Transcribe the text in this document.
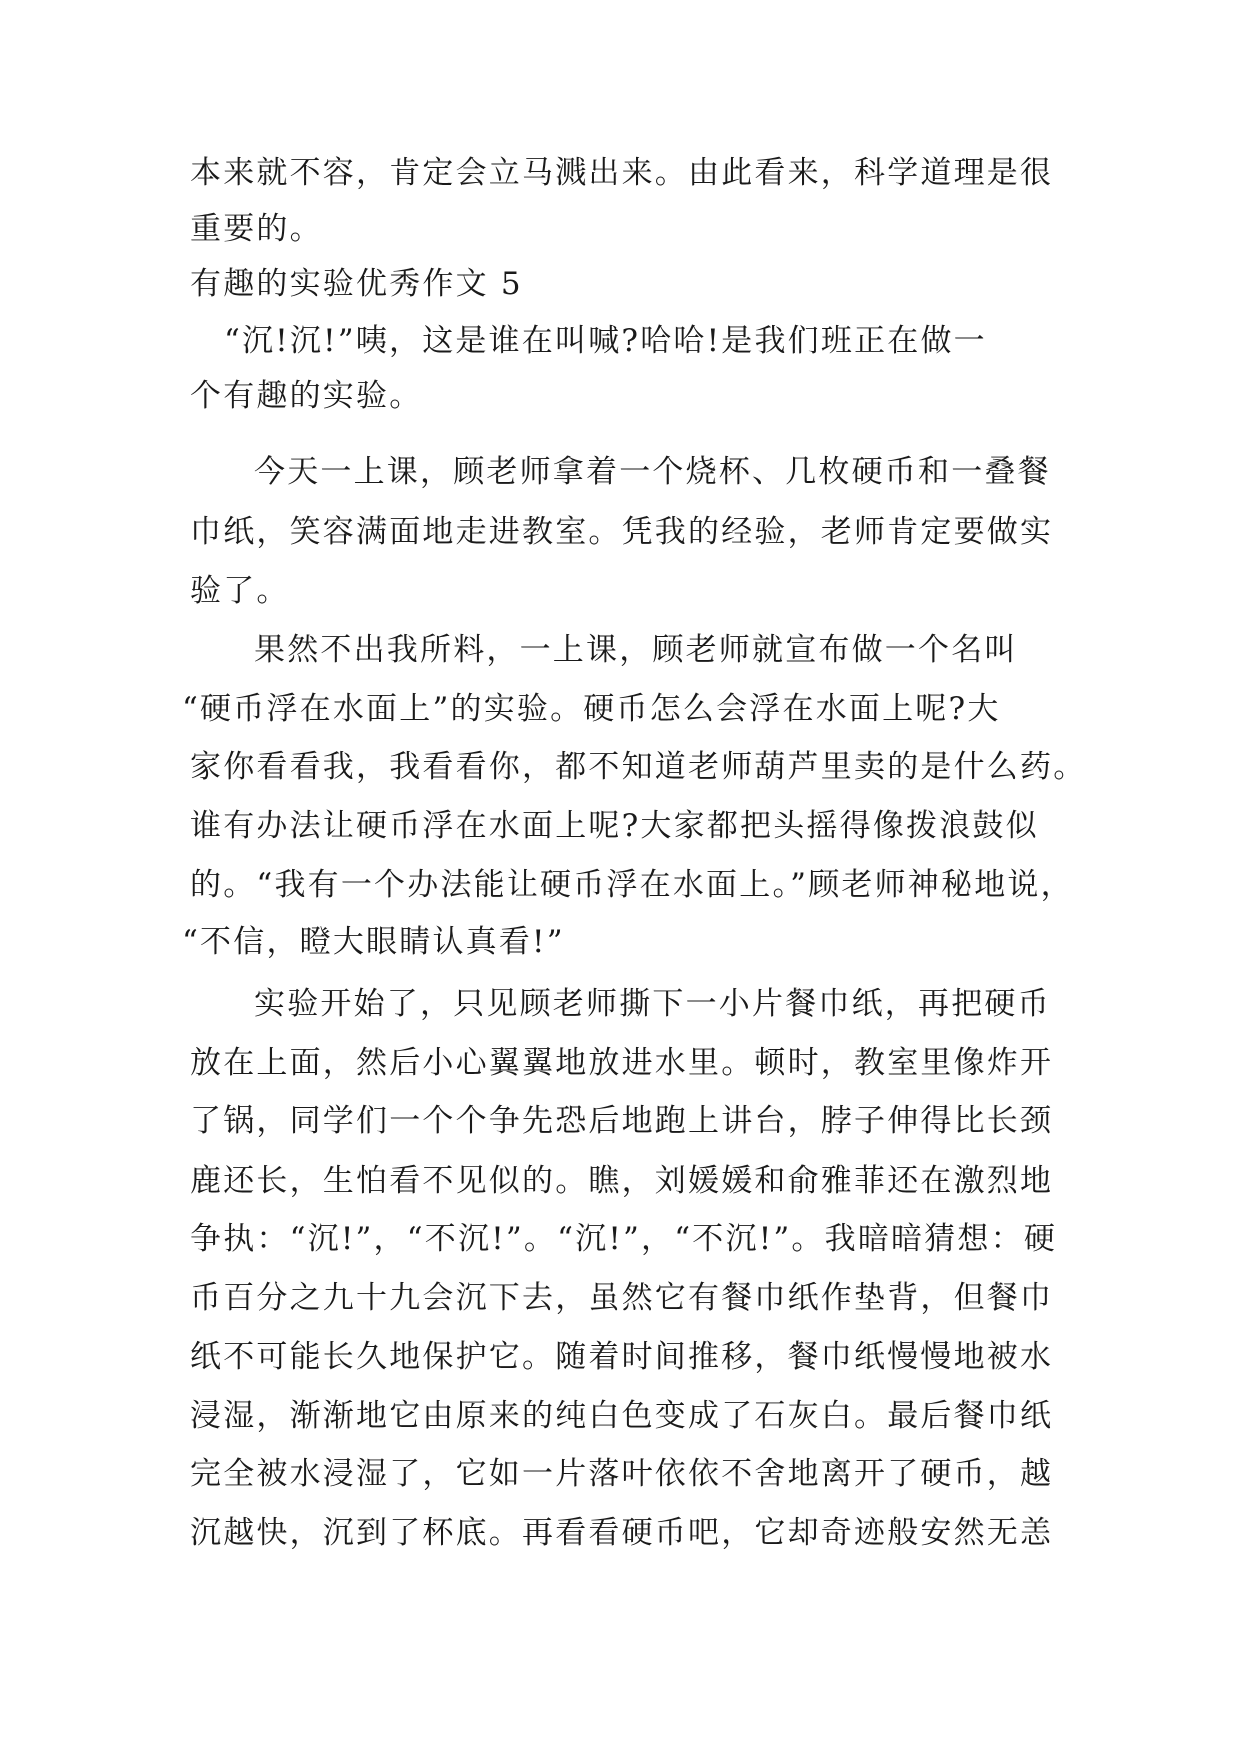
本来就不容，肯定会立马溅出来。由此看来，科学道理是很
重要的。
有趣的实验优秀作文 5
“沉!沉!”咦，这是谁在叫喊?哈哈!是我们班正在做一
个有趣的实验。
今天一上课，顾老师拿着一个烧杯、几枚硬币和一叠餐
巾纸，笑容满面地走进教室。凭我的经验，老师肯定要做实
验了。
果然不出我所料，一上课，顾老师就宣布做一个名叫
“硬币浮在水面上”的实验。硬币怎么会浮在水面上呢?大
家你看看我，我看看你，都不知道老师葫芦里卖的是什么药。
谁有办法让硬币浮在水面上呢?大家都把头摇得像拨浪鼓似
的。“我有一个办法能让硬币浮在水面上。”顾老师神秘地说，
“不信，瞪大眼睛认真看!”
实验开始了，只见顾老师撕下一小片餐巾纸，再把硬币
放在上面，然后小心翼翼地放进水里。顿时，教室里像炸开
了锅，同学们一个个争先恐后地跑上讲台，脖子伸得比长颈
鹿还长，生怕看不见似的。瞧，刘媛媛和俞雅菲还在激烈地
争执：“沉!”，“不沉!”。“沉!”，“不沉!”。我暗暗猜想：硬
币百分之九十九会沉下去，虽然它有餐巾纸作垫背，但餐巾
纸不可能长久地保护它。随着时间推移，餐巾纸慢慢地被水
浸湿，渐渐地它由原来的纯白色变成了石灰白。最后餐巾纸
完全被水浸湿了，它如一片落叶依依不舍地离开了硬币，越
沉越快，沉到了杯底。再看看硬币吧，它却奇迹般安然无恙
